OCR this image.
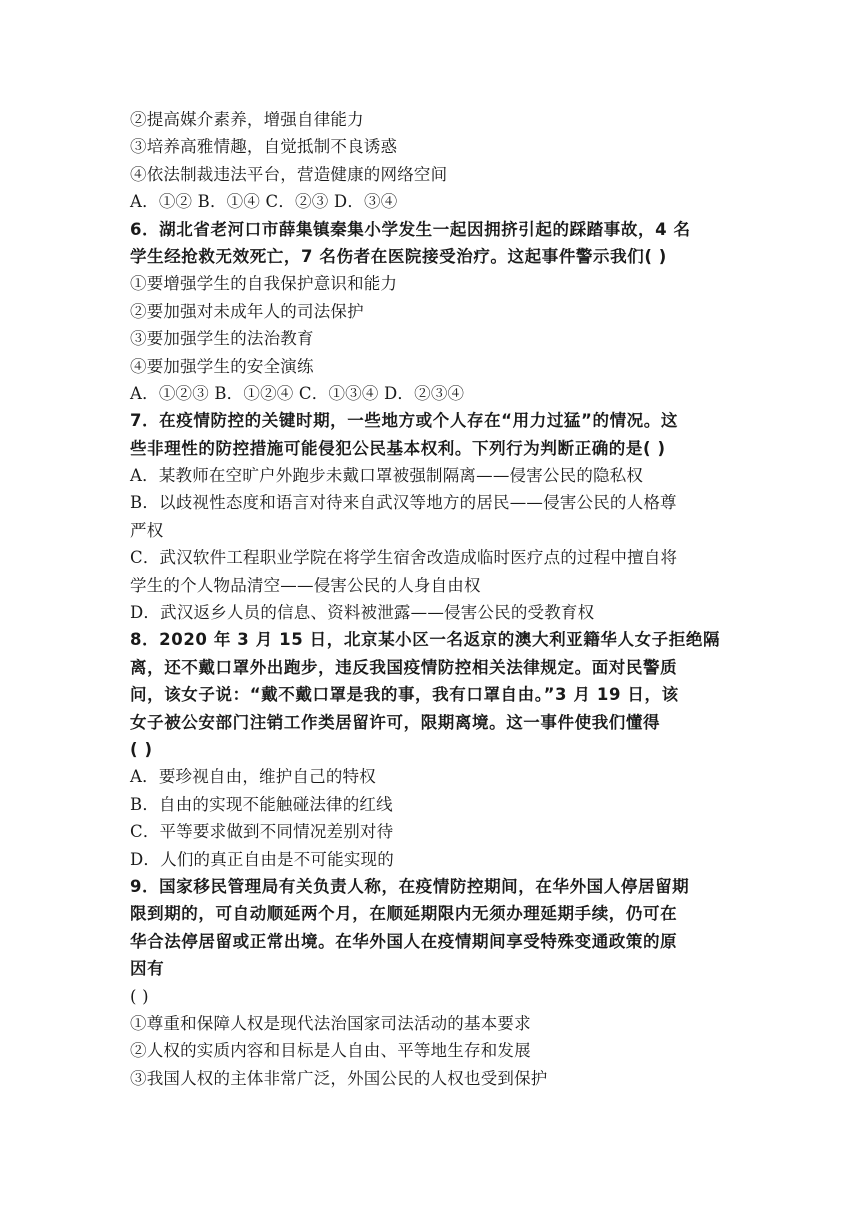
②提高媒介素养，增强自律能力
③培养高雅情趣，自觉抵制不良诱惑
④依法制裁违法平台，营造健康的网络空间
A．①② B．①④ C．②③ D．③④
6．湖北省老河口市薛集镇秦集小学发生一起因拥挤引起的踩踏事故，4 名
学生经抢救无效死亡，7 名伤者在医院接受治疗。这起事件警示我们( )
①要增强学生的自我保护意识和能力
②要加强对未成年人的司法保护
③要加强学生的法治教育
④要加强学生的安全演练
A．①②③ B．①②④ C．①③④ D．②③④
7．在疫情防控的关键时期，一些地方或个人存在“用力过猛”的情况。这
些非理性的防控措施可能侵犯公民基本权利。下列行为判断正确的是( )
A．某教师在空旷户外跑步未戴口罩被强制隔离——侵害公民的隐私权
B．以歧视性态度和语言对待来自武汉等地方的居民——侵害公民的人格尊
严权
C．武汉软件工程职业学院在将学生宿舍改造成临时医疗点的过程中擅自将
学生的个人物品清空——侵害公民的人身自由权
D．武汉返乡人员的信息、资料被泄露——侵害公民的受教育权
8．2020 年 3 月 15 日，北京某小区一名返京的澳大利亚籍华人女子拒绝隔
离，还不戴口罩外出跑步，违反我国疫情防控相关法律规定。面对民警质
问，该女子说：“戴不戴口罩是我的事，我有口罩自由。”3 月 19 日，该
女子被公安部门注销工作类居留许可，限期离境。这一事件使我们懂得
( )
A．要珍视自由，维护自己的特权
B．自由的实现不能触碰法律的红线
C．平等要求做到不同情况差别对待
D．人们的真正自由是不可能实现的
9．国家移民管理局有关负责人称，在疫情防控期间，在华外国人停居留期
限到期的，可自动顺延两个月，在顺延期限内无须办理延期手续，仍可在
华合法停居留或正常出境。在华外国人在疫情期间享受特殊变通政策的原
因有
( )
①尊重和保障人权是现代法治国家司法活动的基本要求
②人权的实质内容和目标是人自由、平等地生存和发展
③我国人权的主体非常广泛，外国公民的人权也受到保护
